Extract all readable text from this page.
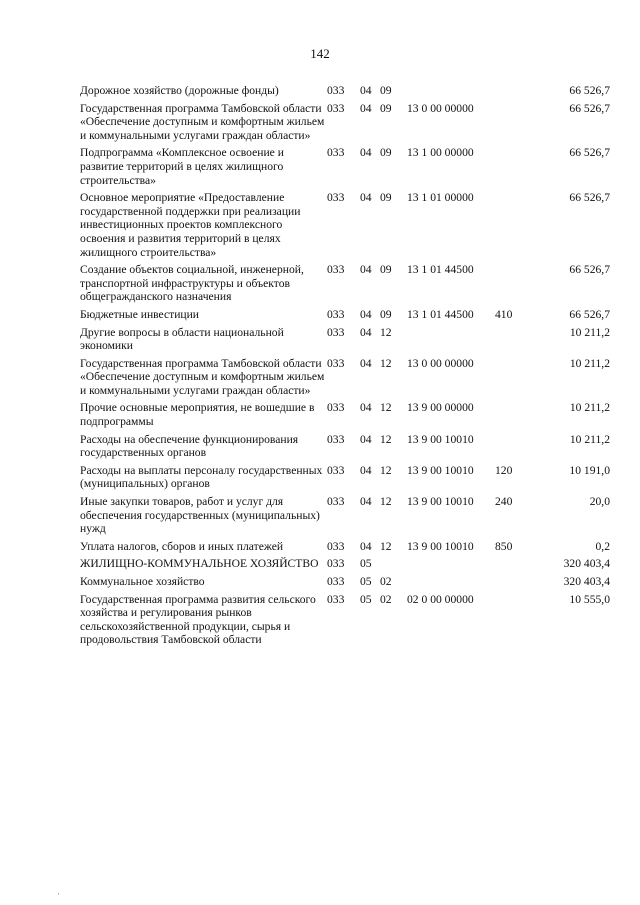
142
Дорожное хозяйство (дорожные фонды)	033	04	09			66 526,7
Государственная программа Тамбовской области «Обеспечение доступным и комфортным жильем и коммунальными услугами граждан области»	033	04	09	13 0 00 00000		66 526,7
Подпрограмма «Комплексное освоение и развитие территорий в целях жилищного строительства»	033	04	09	13 1 00 00000		66 526,7
Основное мероприятие «Предоставление государственной поддержки при реализации инвестиционных проектов комплексного освоения и развития территорий в целях жилищного строительства»	033	04	09	13 1 01 00000		66 526,7
Создание объектов социальной, инженерной, транспортной инфраструктуры и объектов общегражданского назначения	033	04	09	13 1 01 44500		66 526,7
Бюджетные инвестиции	033	04	09	13 1 01 44500	410	66 526,7
Другие вопросы в области национальной экономики	033	04	12			10 211,2
Государственная программа Тамбовской области «Обеспечение доступным и комфортным жильем и коммунальными услугами граждан области»	033	04	12	13 0 00 00000		10 211,2
Прочие основные мероприятия, не вошедшие в подпрограммы	033	04	12	13 9 00 00000		10 211,2
Расходы на обеспечение функционирования государственных органов	033	04	12	13 9 00 10010		10 211,2
Расходы на выплаты персоналу государственных (муниципальных) органов	033	04	12	13 9 00 10010	120	10 191,0
Иные закупки товаров, работ и услуг для обеспечения государственных (муниципальных) нужд	033	04	12	13 9 00 10010	240	20,0
Уплата налогов, сборов и иных платежей	033	04	12	13 9 00 10010	850	0,2
ЖИЛИЩНО-КОММУНАЛЬНОЕ ХОЗЯЙСТВО	033	05				320 403,4
Коммунальное хозяйство	033	05	02			320 403,4
Государственная программа развития сельского хозяйства и регулирования рынков сельскохозяйственной продукции, сырья и продовольствия Тамбовской области	033	05	02	02 0 00 00000		10 555,0
·
